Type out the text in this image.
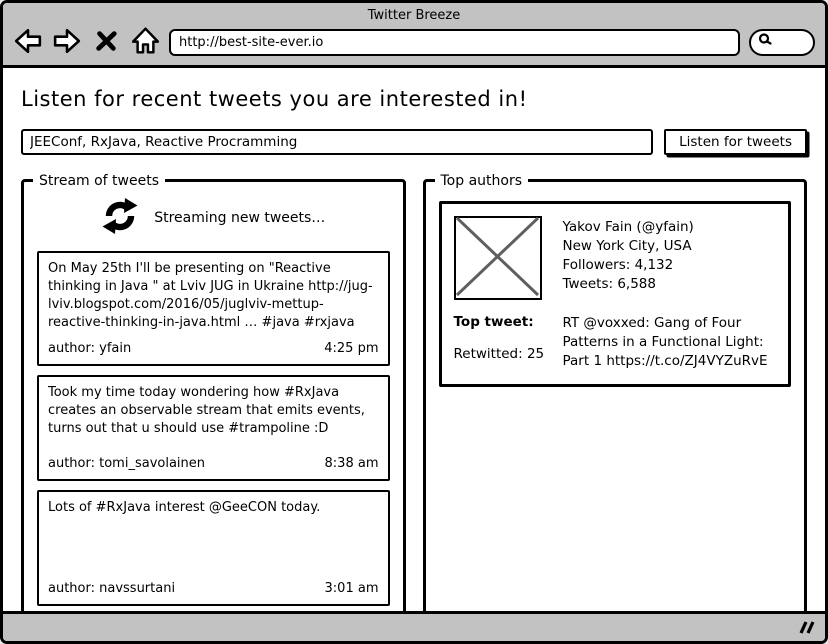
Twitter Breeze
http://best-site-ever.io
Listen for recent tweets you are interested in!
JEEConf, RxJava, Reactive Procramming
Listen for tweets
Stream of tweets
Streaming new tweets…
On May 25th I'll be presenting on "Reactive thinking in Java " at Lviv JUG in Ukraine http://jug-lviv.blogspot.com/2016/05/juglviv-mettup-reactive-thinking-in-java.html … #java #rxjava
author: yfain	4:25 pm
Took my time today wondering how #RxJava creates an observable stream that emits events, turns out that u should use #trampoline :D
author: tomi_savolainen	8:38 am
Lots of #RxJava interest @GeeCON today.
author: navssurtani	3:01 am
Top authors
Yakov Fain (@yfain)
New York City, USA
Followers: 4,132
Tweets: 6,588
Top tweet:
Retwitted: 25
RT @voxxed: Gang of Four Patterns in a Functional Light: Part 1 https://t.co/ZJ4VYZuRvE
